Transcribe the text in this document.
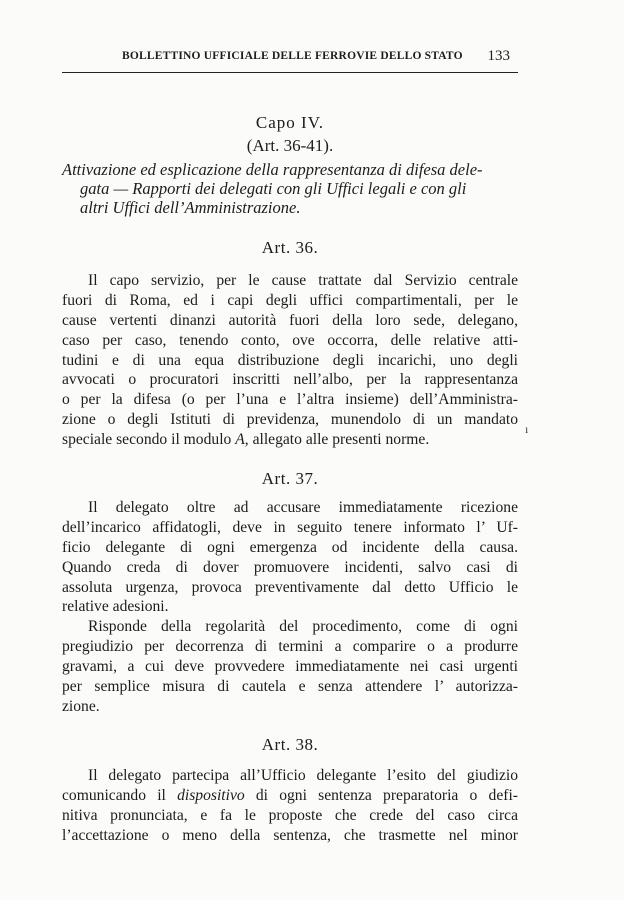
BOLLETTINO UFFICIALE DELLE FERROVIE DELLO STATO 133
Capo IV.
(Art. 36-41).
Attivazione ed esplicazione della rappresentanza di difesa dele-
gata — Rapporti dei delegati con gli Uffici legali e con gli
altri Uffici dell’Amministrazione.
Art. 36.
Il capo servizio, per le cause trattate dal Servizio centrale
fuori di Roma, ed i capi degli uffici compartimentali, per le
cause vertenti dinanzi autorità fuori della loro sede, delegano,
caso per caso, tenendo conto, ove occorra, delle relative atti-
tudini e di una equa distribuzione degli incarichi, uno degli
avvocati o procuratori inscritti nell’albo, per la rappresentanza
o per la difesa (o per l’una e l’altra insieme) dell’Amministra-
zione o degli Istituti di previdenza, munendolo di un mandato
speciale secondo il modulo A, allegato alle presenti norme.
ı
Art. 37.
Il delegato oltre ad accusare immediatamente ricezione
dell’incarico affidatogli, deve in seguito tenere informato l’ Uf-
ficio delegante di ogni emergenza od incidente della causa.
Quando creda di dover promuovere incidenti, salvo casi di
assoluta urgenza, provoca preventivamente dal detto Ufficio le
relative adesioni.
Risponde della regolarità del procedimento, come di ogni
pregiudizio per decorrenza di termini a comparire o a produrre
gravami, a cui deve provvedere immediatamente nei casi urgenti
per semplice misura di cautela e senza attendere l’ autorizza-
zione.
Art. 38.
Il delegato partecipa all’Ufficio delegante l’esito del giudizio
comunicando il dispositivo di ogni sentenza preparatoria o defi-
nitiva pronunciata, e fa le proposte che crede del caso circa
l’accettazione o meno della sentenza, che trasmette nel minor
